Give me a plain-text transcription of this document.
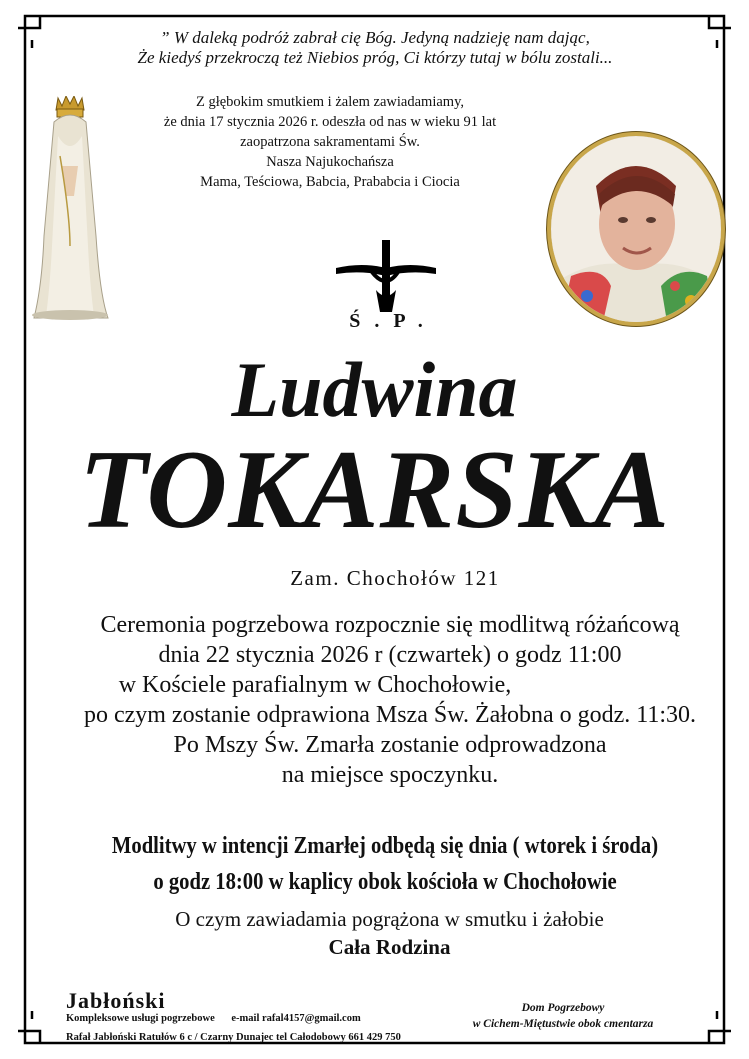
” W daleką podróż zabrał cię Bóg. Jedyną nadzieję nam dając,
Że kiedyś przekroczą też Niebios próg, Ci którzy tutaj w bólu zostali...
Z głębokim smutkiem i żalem zawiadamiamy,
że dnia 17 stycznia 2026 r. odeszła od nas w wieku 91 lat
zaopatrzona sakramentami Św.
Nasza Najukochańsza
Mama, Teściowa, Babcia, Prababcia i Ciocia
Ś.P.
Ludwina
TOKARSKA
Zam. Chochołów 121
Ceremonia pogrzebowa rozpocznie się modlitwą różańcową
dnia 22 stycznia 2026 r (czwartek) o godz 11:00
w Kościele parafialnym w Chochołowie,
po czym zostanie odprawiona Msza Św. Żałobna o godz. 11:30.
Po Mszy Św. Zmarła zostanie odprowadzona
na miejsce spoczynku.
Modlitwy w intencji Zmarłej odbędą się dnia ( wtorek i środa)
o godz 18:00 w kaplicy obok kościoła w Chochołowie
O czym zawiadamia pogrążona w smutku i żałobie
Cała Rodzina
Jabłoński
Kompleksowe usługi pogrzebowe e-mail rafal4157@gmail.com
Rafał Jabłoński Ratułów 6 c / Czarny Dunajec tel Całodobowy 661 429 750
Dom Pogrzebowy
w Cichem-Miętustwie obok cmentarza
